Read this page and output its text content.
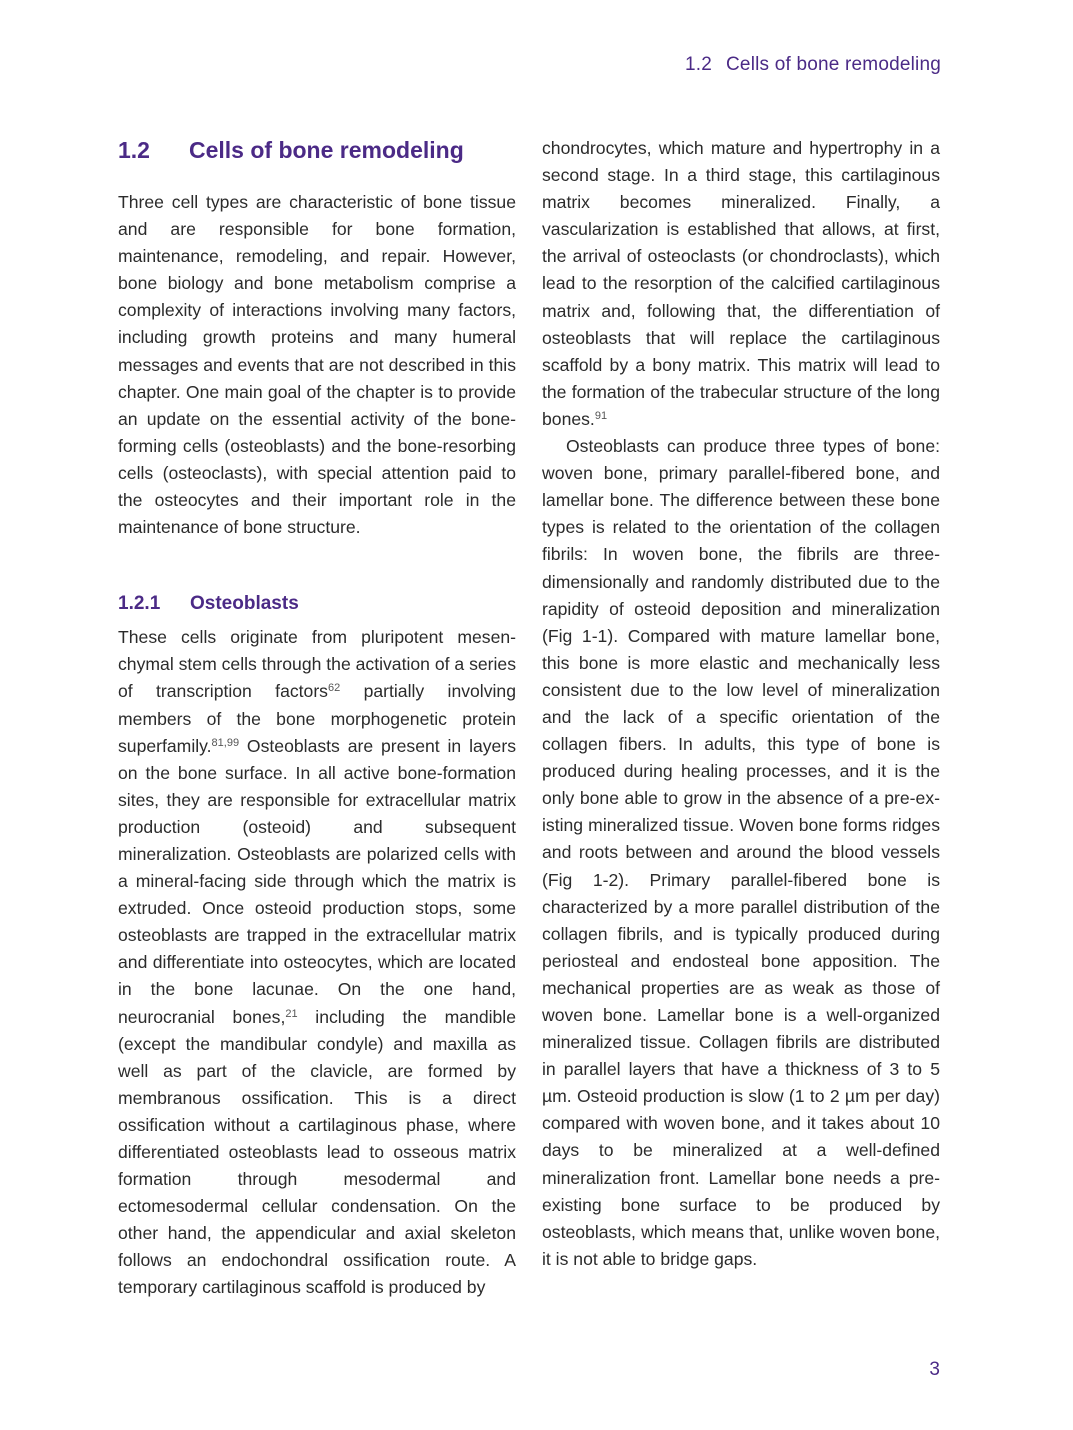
1.2 Cells of bone remodeling
1.2 Cells of bone remodeling

Three cell types are characteristic of bone tissue and are responsible for bone formation, maintenance, remodeling, and repair. However, bone biology and bone metabolism comprise a complexity of interactions involving many factors, including growth proteins and many humeral messages and events that are not described in this chapter. One main goal of the chapter is to provide an update on the essential activity of the bone-forming cells (osteoblasts) and the bone-resorbing cells (osteoclasts), with special attention paid to the osteocytes and their important role in the maintenance of bone structure.

1.2.1 Osteoblasts

These cells originate from pluripotent mesenchymal stem cells through the activation of a series of transcription factors$^{62}$ partially involving members of the bone morphogenetic protein superfamily.$^{81,99}$ Osteoblasts are present in layers on the bone surface. In all active bone-formation sites, they are responsible for extracellular matrix production (osteoid) and subsequent mineralization. Osteoblasts are polarized cells with a mineral-facing side through which the matrix is extruded. Once osteoid production stops, some osteoblasts are trapped in the extracellular matrix and differentiate into osteocytes, which are located in the bone lacunae. On the one hand, neurocranial bones,$^{21}$ including the mandible (except the mandibular condyle) and maxilla as well as part of the clavicle, are formed by membranous ossification. This is a direct ossification without a cartilaginous phase, where differentiated osteoblasts lead to osseous matrix formation through mesodermal and ectomesodermal cellular condensation. On the other hand, the appendicular and axial skeleton follows an endochondral ossification route. A temporary cartilaginous scaffold is produced by

chondrocytes, which mature and hypertrophy in a second stage. In a third stage, this cartilaginous matrix becomes mineralized. Finally, a vascularization is established that allows, at first, the arrival of osteoclasts (or chondroclasts), which lead to the resorption of the calcified cartilaginous matrix and, following that, the differentiation of osteoblasts that will replace the cartilaginous scaffold by a bony matrix. This matrix will lead to the formation of the trabecular structure of the long bones.$^{91}$

Osteoblasts can produce three types of bone: woven bone, primary parallel-fibered bone, and lamellar bone. The difference between these bone types is related to the orientation of the collagen fibrils: In woven bone, the fibrils are three-dimensionally and randomly distributed due to the rapidity of osteoid deposition and mineralization (Fig 1-1). Compared with mature lamellar bone, this bone is more elastic and mechanically less consistent due to the low level of mineralization and the lack of a specific orientation of the collagen fibers. In adults, this type of bone is produced during healing processes, and it is the only bone able to grow in the absence of a pre-existing mineralized tissue. Woven bone forms ridges and roots between and around the blood vessels (Fig 1-2). Primary parallel-fibered bone is characterized by a more parallel distribution of the collagen fibrils, and is typically produced during periosteal and endosteal bone apposition. The mechanical properties are as weak as those of woven bone. Lamellar bone is a well-organized mineralized tissue. Collagen fibrils are distributed in parallel layers that have a thickness of 3 to 5 µm. Osteoid production is slow (1 to 2 µm per day) compared with woven bone, and it takes about 10 days to be mineralized at a well-defined mineralization front. Lamellar bone needs a pre-existing bone surface to be produced by osteoblasts, which means that, unlike woven bone, it is not able to bridge gaps.

3
